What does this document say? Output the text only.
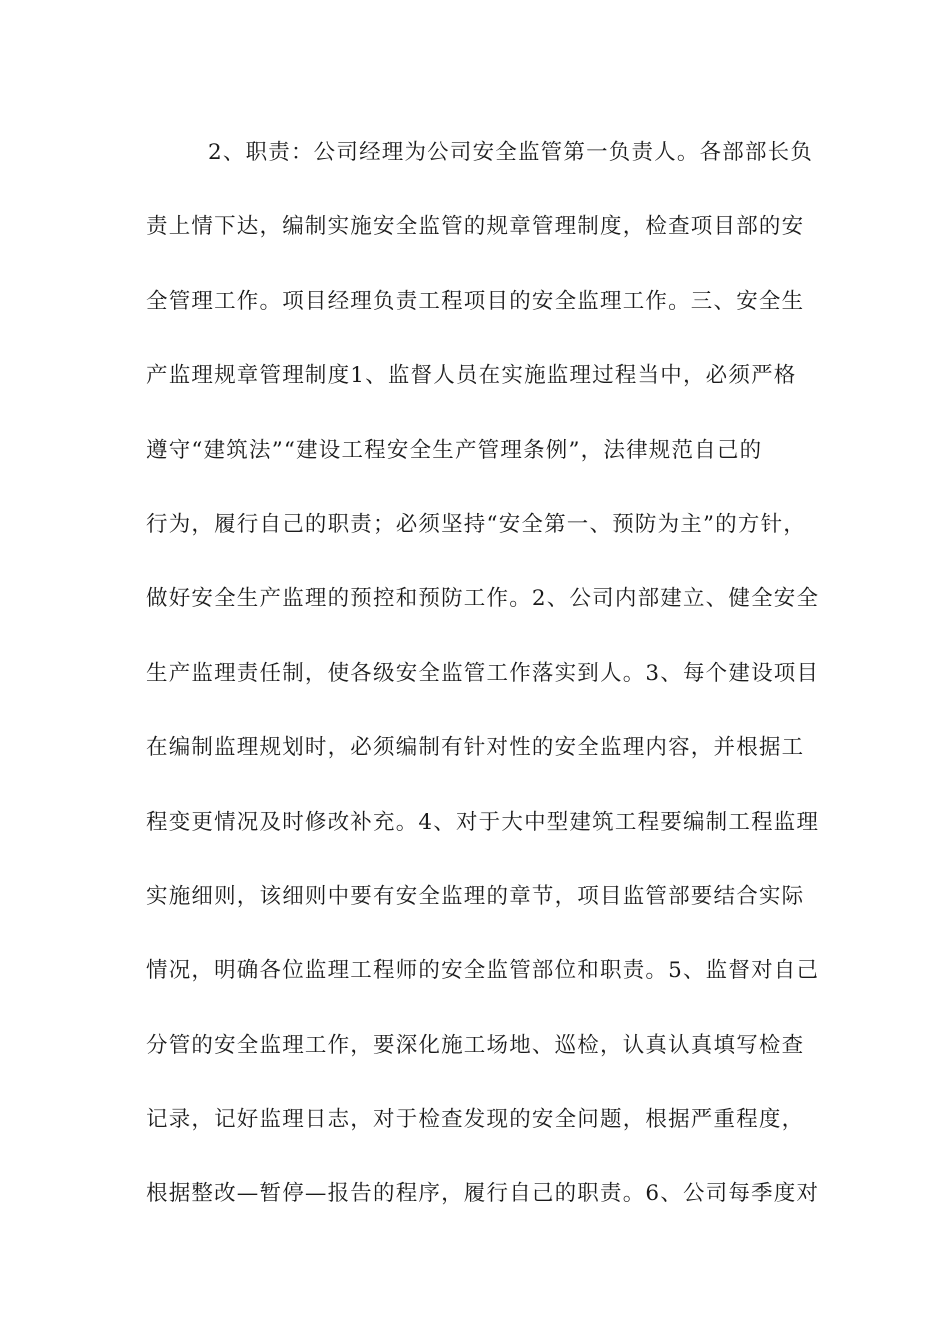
2、职责：公司经理为公司安全监管第一负责人。各部部长负
责上情下达，编制实施安全监管的规章管理制度，检查项目部的安
全管理工作。项目经理负责工程项目的安全监理工作。三、安全生
产监理规章管理制度1、监督人员在实施监理过程当中，必须严格
遵守“建筑法”“建设工程安全生产管理条例”，法律规范自己的
行为，履行自己的职责；必须坚持“安全第一、预防为主”的方针，
做好安全生产监理的预控和预防工作。2、公司内部建立、健全安全
生产监理责任制，使各级安全监管工作落实到人。3、每个建设项目
在编制监理规划时，必须编制有针对性的安全监理内容，并根据工
程变更情况及时修改补充。4、对于大中型建筑工程要编制工程监理
实施细则，该细则中要有安全监理的章节，项目监管部要结合实际
情况，明确各位监理工程师的安全监管部位和职责。5、监督对自己
分管的安全监理工作，要深化施工场地、巡检，认真认真填写检查
记录，记好监理日志，对于检查发现的安全问题，根据严重程度，
根据整改—暂停—报告的程序，履行自己的职责。6、公司每季度对
